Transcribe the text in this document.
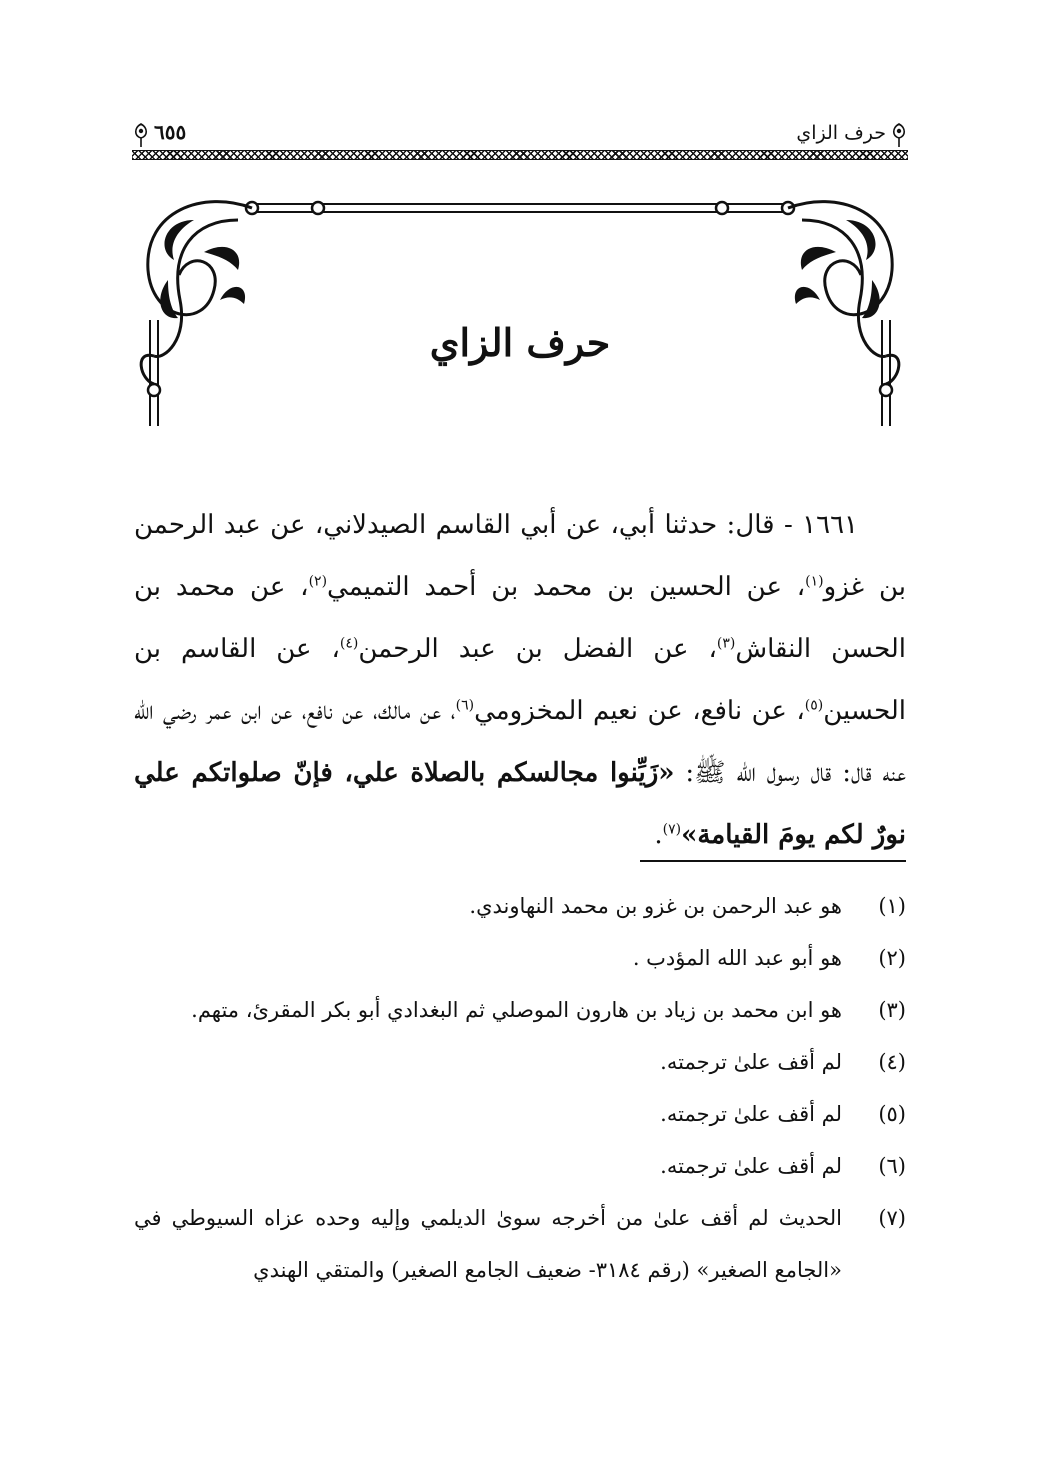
حرف الزاي
٦٥٥
حرف الزاي

١٦٦١ - قال: حدثنا أبي، عن أبي القاسم الصيدلاني، عن عبد الرحمن بن غزو$^{(١)}$، عن الحسين بن محمد بن أحمد التميمي$^{(٢)}$، عن محمد بن الحسن النقاش$^{(٣)}$، عن الفضل بن عبد الرحمن$^{(٤)}$، عن القاسم بن الحسين$^{(٥)}$، عن نافع، عن نعيم المخزومي$^{(٦)}$، عن مالك، عن نافع، عن ابن عمر رضي الله عنه قال: قال رسول الله ﷺ: «زَيِّنوا مجالسكم بالصلاة علي، فإنّ صلواتكم علي نورٌ لكم يومَ القيامة»$^{(٧)}$.

(١)
هو عبد الرحمن بن غزو بن محمد النهاوندي.
(٢)
هو أبو عبد الله المؤدب .
(٣)
هو ابن محمد بن زياد بن هارون الموصلي ثم البغدادي أبو بكر المقرئ، متهم.
(٤)
لم أقف علىٰ ترجمته.
(٥)
لم أقف علىٰ ترجمته.
(٦)
لم أقف علىٰ ترجمته.
(٧)
الحديث لم أقف علىٰ من أخرجه سوىٰ الديلمي وإليه وحده عزاه السيوطي في «الجامع الصغير» (رقم ٣١٨٤- ضعيف الجامع الصغير) والمتقي الهندي
